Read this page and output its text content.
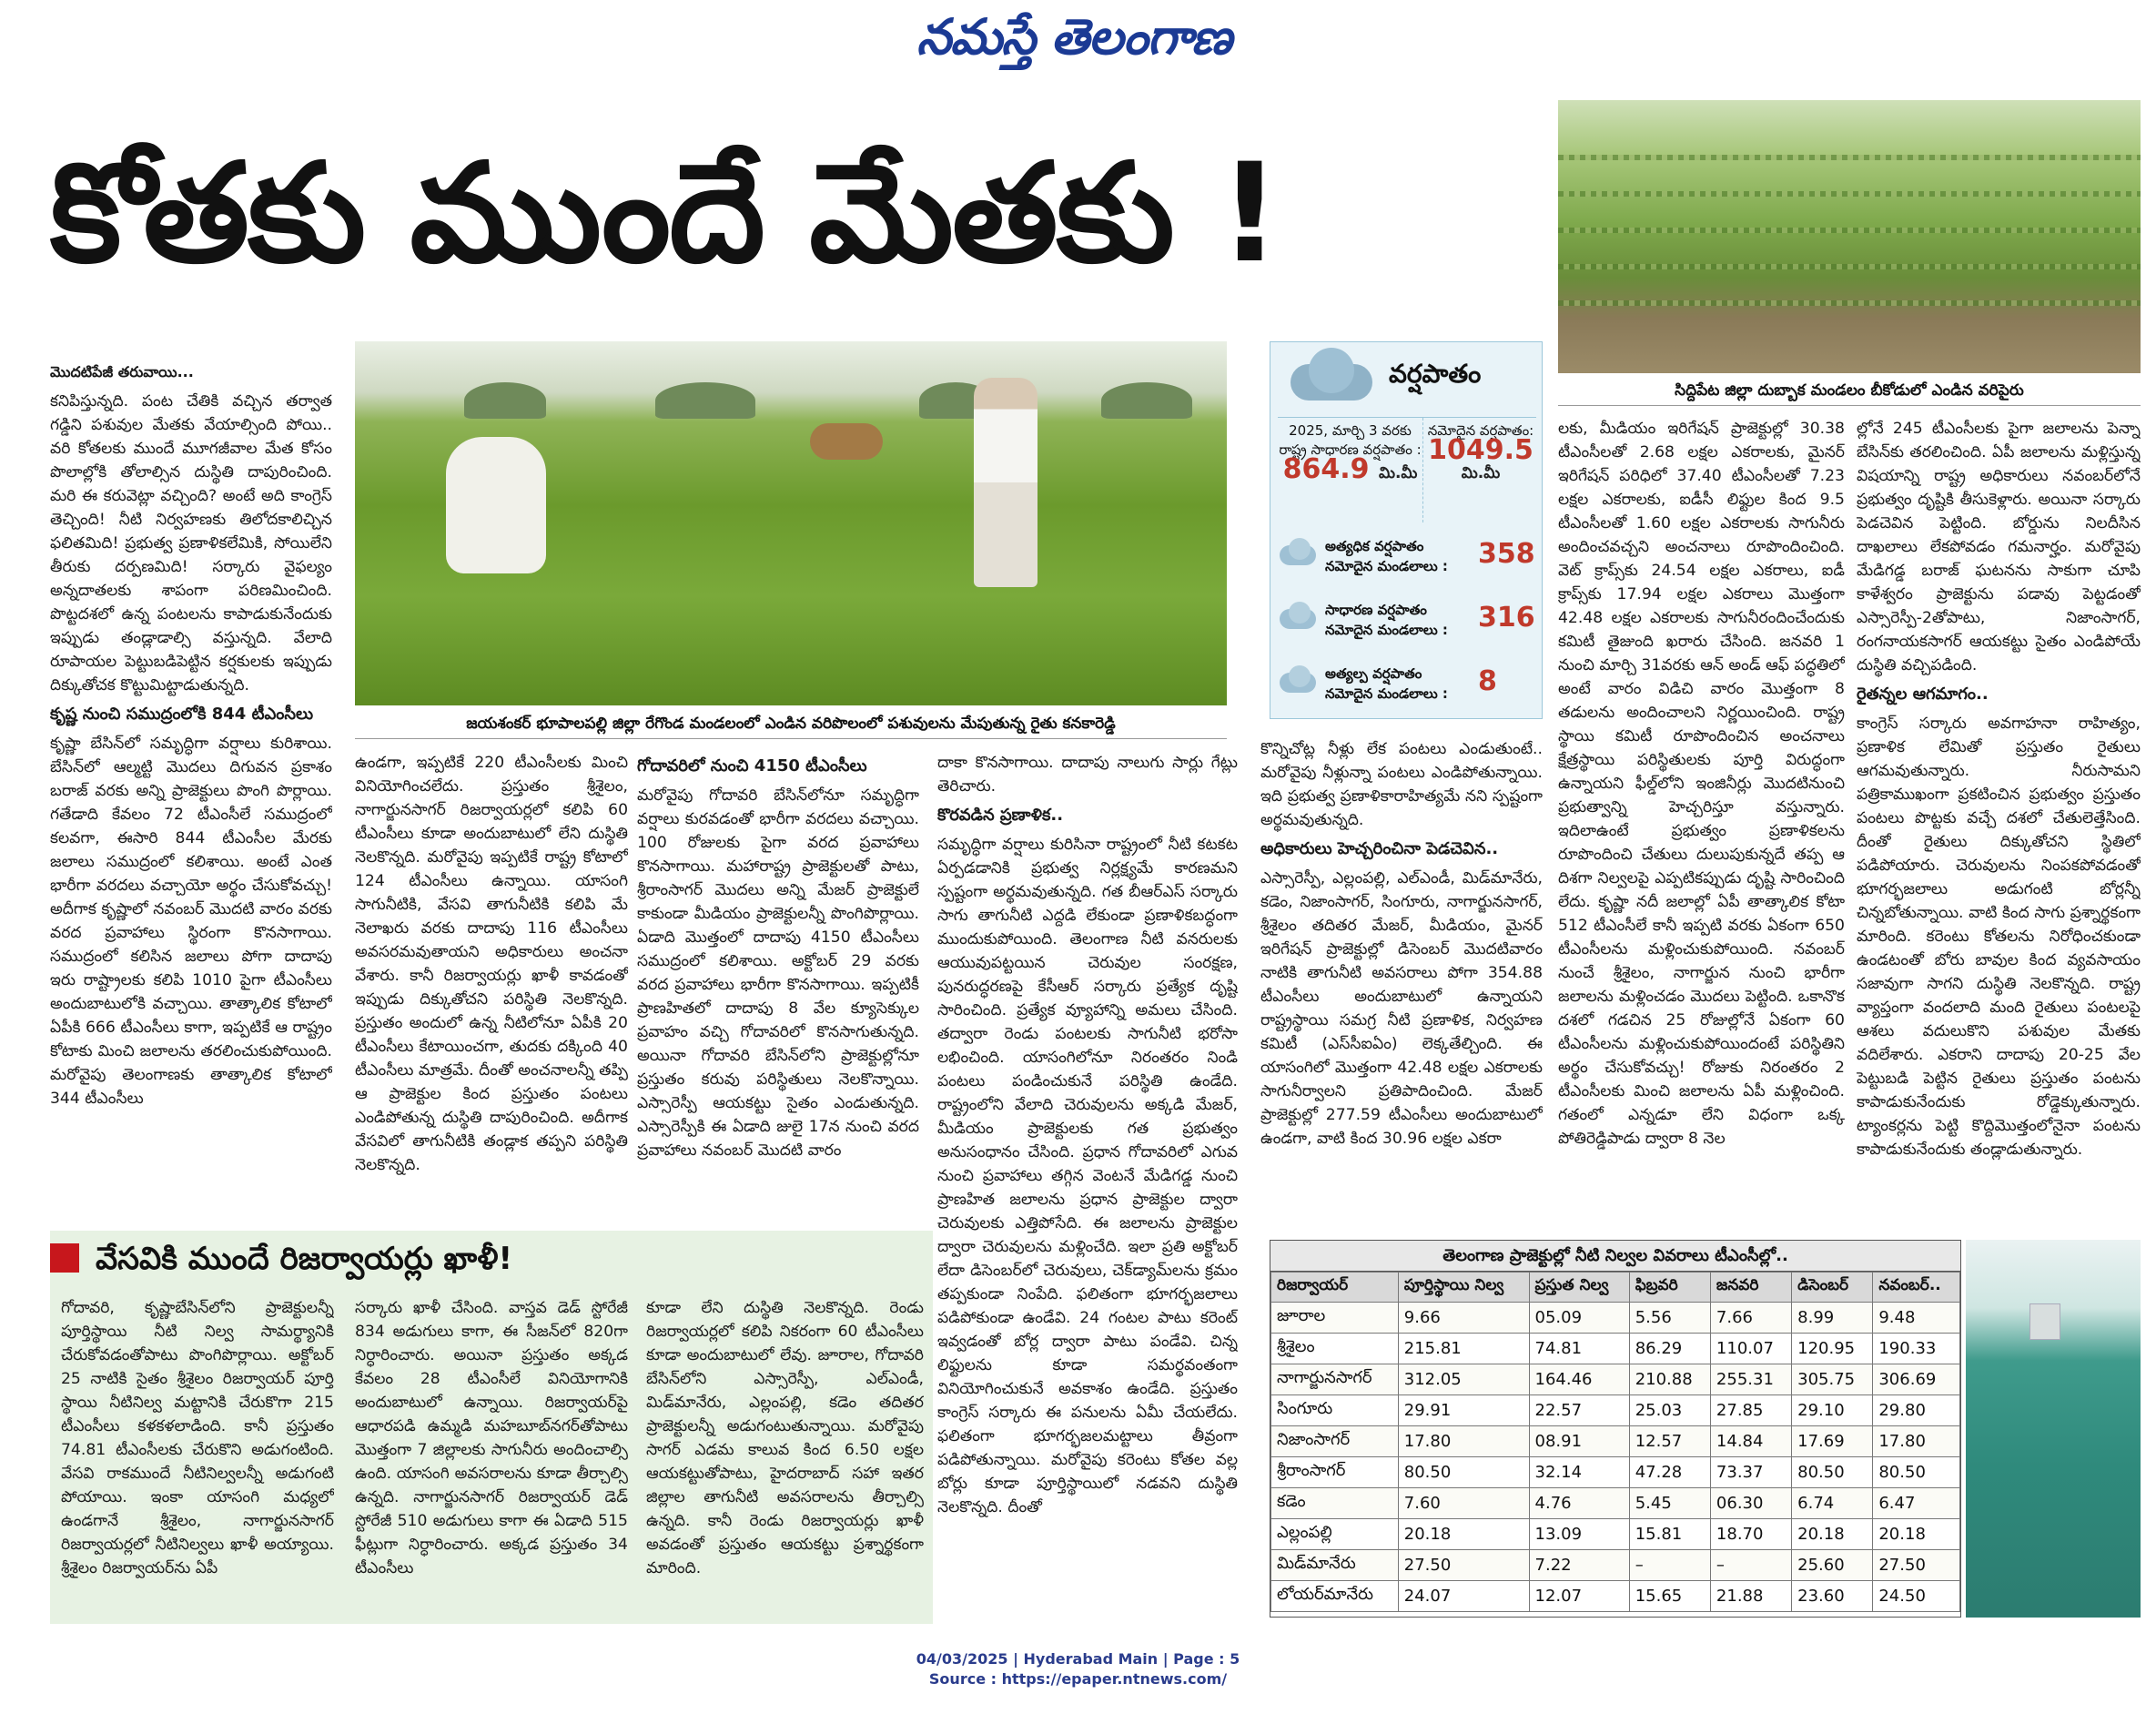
నమస్తే తెలంగాణ
కోతకు ముందే మేతకు !
సిద్దిపేట జిల్లా దుబ్బాక మండలం బీకోడులో ఎండిన వరిపైరు
జయశంకర్ భూపాలపల్లి జిల్లా రేగొండ మండలంలో ఎండిన వరిపొలంలో పశువులను మేపుతున్న రైతు కనకారెడ్డి

మొదటిపేజీ తరువాయి...

కనిపిస్తున్నది. పంట చేతికి వచ్చిన తర్వాత గడ్డిని పశువుల మేతకు వేయాల్సింది పోయి.. వరి కోతలకు ముందే మూగజీవాల మేత కోసం పొలాల్లోకి తోలాల్సిన దుస్థితి దాపురించింది. మరి ఈ కరువెట్లా వచ్చింది? అంటే అది కాంగ్రెస్ తెచ్చింది! నీటి నిర్వహణకు తిలోదకాలిచ్చిన ఫలితమిది! ప్రభుత్వ ప్రణాళికలేమికి, సోయిలేని తీరుకు దర్పణమిది! సర్కారు వైఫల్యం అన్నదాతలకు శాపంగా పరిణమించింది. పొట్టదశలో ఉన్న పంటలను కాపాడుకునేందుకు ఇప్పుడు తండ్లాడాల్సి వస్తున్నది. వేలాది రూపాయల పెట్టుబడిపెట్టిన కర్షకులకు ఇప్పుడు దిక్కుతోచక కొట్టుమిట్టాడుతున్నది.

కృష్ణ నుంచి సముద్రంలోకి 844 టీఎంసీలు

కృష్ణా బేసిన్‌లో సమృద్ధిగా వర్షాలు కురిశాయి. బేసిన్‌లో ఆల్మట్టి మొదలు దిగువన ప్రకాశం బరాజ్ వరకు అన్ని ప్రాజెక్టులు పొంగి పొర్లాయి. గతేడాది కేవలం 72 టీఎంసీలే సముద్రంలో కలవగా, ఈసారి 844 టీఎంసీల మేరకు జలాలు సముద్రంలో కలిశాయి. అంటే ఎంత భారీగా వరదలు వచ్చాయో అర్థం చేసుకోవచ్చు! అదీగాక కృష్ణాలో నవంబర్ మొదటి వారం వరకు వరద ప్రవాహాలు స్థిరంగా కొనసాగాయి. సముద్రంలో కలిసిన జలాలు పోగా దాదాపు ఇరు రాష్ట్రాలకు కలిపి 1010 పైగా టీఎంసీలు అందుబాటులోకి వచ్చాయి. తాత్కాలిక కోటాలో ఏపీకి 666 టీఎంసీలు కాగా, ఇప్పటికే ఆ రాష్ట్రం కోటాకు మించి జలాలను తరలించుకుపోయింది. మరోవైపు తెలంగాణకు తాత్కాలిక కోటాలో 344 టీఎంసీలు

ఉండగా, ఇప్పటికే 220 టీఎంసీలకు మించి వినియోగించలేదు. ప్రస్తుతం శ్రీశైలం, నాగార్జునసాగర్ రిజర్వాయర్లలో కలిపి 60 టీఎంసీలు కూడా అందుబాటులో లేని దుస్థితి నెలకొన్నది. మరోవైపు ఇప్పటికే రాష్ట్ర కోటాలో 124 టీఎంసీలు ఉన్నాయి. యాసంగి సాగునీటికి, వేసవి తాగునీటికి కలిపి మే నెలాఖరు వరకు దాదాపు 116 టీఎంసీలు అవసరమవుతాయని అధికారులు అంచనా వేశారు. కానీ రిజర్వాయర్లు ఖాళీ కావడంతో ఇప్పుడు దిక్కుతోచని పరిస్థితి నెలకొన్నది. ప్రస్తుతం అందులో ఉన్న నీటిలోనూ ఏపీకి 20 టీఎంసీలు కేటాయించగా, తుదకు దక్కింది 40 టీఎంసీలు మాత్రమే. దీంతో అంచనాలన్నీ తప్పి ఆ ప్రాజెక్టుల కింద ప్రస్తుతం పంటలు ఎండిపోతున్న దుస్థితి దాపురించింది. అదీగాక వేసవిలో తాగునీటికి తండ్లాక తప్పని పరిస్థితి నెలకొన్నది.

గోదావరిలో నుంచి 4150 టీఎంసీలు

మరోవైపు గోదావరి బేసిన్‌లోనూ సమృద్ధిగా వర్షాలు కురవడంతో భారీగా వరదలు వచ్చాయి. 100 రోజులకు పైగా వరద ప్రవాహాలు కొనసాగాయి. మహారాష్ట్ర ప్రాజెక్టులతో పాటు, శ్రీరాంసాగర్ మొదలు అన్ని మేజర్ ప్రాజెక్టులే కాకుండా మీడియం ప్రాజెక్టులన్నీ పొంగిపొర్లాయి. ఏడాది మొత్తంలో దాదాపు 4150 టీఎంసీలు సముద్రంలో కలిశాయి. అక్టోబర్ 29 వరకు వరద ప్రవాహాలు భారీగా కొనసాగాయి. ఇప్పటికీ ప్రాణహితలో దాదాపు 8 వేల క్యూసెక్కుల ప్రవాహం వచ్చి గోదావరిలో కొనసాగుతున్నది. అయినా గోదావరి బేసిన్‌లోని ప్రాజెక్టుల్లోనూ ప్రస్తుతం కరువు పరిస్థితులు నెలకొన్నాయి. ఎస్సారెస్పీ ఆయకట్టు సైతం ఎండుతున్నది. ఎస్సారెస్పీకి ఈ ఏడాది జులై 17న నుంచి వరద ప్రవాహాలు నవంబర్ మొదటి వారం

దాకా కొనసాగాయి. దాదాపు నాలుగు సార్లు గేట్లు తెరిచారు.

కొరవడిన ప్రణాళిక..

సమృద్ధిగా వర్షాలు కురిసినా రాష్ట్రంలో నీటి కటకట ఏర్పడడానికి ప్రభుత్వ నిర్లక్ష్యమే కారణమని స్పష్టంగా అర్థమవుతున్నది. గత బీఆర్ఎస్ సర్కారు సాగు తాగునీటి ఎద్దడి లేకుండా ప్రణాళికబద్ధంగా ముందుకుపోయింది. తెలంగాణ నీటి వనరులకు ఆయువుపట్టయిన చెరువుల సంరక్షణ, పునరుద్ధరణపై కేసీఆర్ సర్కారు ప్రత్యేక దృష్టి సారించింది. ప్రత్యేక వ్యూహాన్ని అమలు చేసింది. తద్వారా రెండు పంటలకు సాగునీటి భరోసా లభించింది. యాసంగిలోనూ నిరంతరం నిండి పంటలు పండించుకునే పరిస్థితి ఉండేది. రాష్ట్రంలోని వేలాది చెరువులను అక్కడి మేజర్, మీడియం ప్రాజెక్టులకు గత ప్రభుత్వం అనుసంధానం చేసింది. ప్రధాన గోదావరిలో ఎగువ నుంచి ప్రవాహాలు తగ్గిన వెంటనే మేడిగడ్డ నుంచి ప్రాణహిత జలాలను ప్రధాన ప్రాజెక్టుల ద్వారా చెరువులకు ఎత్తిపోసేది. ఈ జలాలను ప్రాజెక్టుల ద్వారా చెరువులను మళ్లించేది. ఇలా ప్రతి అక్టోబర్ లేదా డిసెంబర్‌లో చెరువులు, చెక్‌డ్యామ్‌లను క్రమం తప్పకుండా నింపేది. ఫలితంగా భూగర్భజలాలు పడిపోకుండా ఉండేవి. 24 గంటల పాటు కరెంట్ ఇవ్వడంతో బోర్ల ద్వారా పాటు పండేవి. చిన్న లిఫ్టులను కూడా సమర్థవంతంగా వినియోగించుకునే అవకాశం ఉండేది. ప్రస్తుతం కాంగ్రెస్ సర్కారు ఈ పనులను ఏమీ చేయలేదు. ఫలితంగా భూగర్భజలమట్టాలు తీవ్రంగా పడిపోతున్నాయి. మరోవైపు కరెంటు కోతల వల్ల బోర్లు కూడా పూర్తిస్థాయిలో నడవని దుస్థితి నెలకొన్నది. దీంతో

వర్షపాతం
2025, మార్చి 3 వరకు రాష్ట్ర సాధారణ వర్షపాతం :
864.9 మి.మీ
నమోదైన వర్షపాతం:
1049.5
మి.మీ
అత్యధిక వర్షపాతం నమోదైన మండలాలు :	358
సాధారణ వర్షపాతం నమోదైన మండలాలు :	316
అత్యల్ప వర్షపాతం నమోదైన మండలాలు :	8

కొన్నిచోట్ల నీళ్లు లేక పంటలు ఎండుతుంటే.. మరోవైపు నీళ్లున్నా పంటలు ఎండిపోతున్నాయి. ఇది ప్రభుత్వ ప్రణాళికారాహిత్యమే నని స్పష్టంగా అర్థమవుతున్నది.

అధికారులు హెచ్చరించినా పెడచెవిన..

ఎస్సారెస్పీ, ఎల్లంపల్లి, ఎల్ఎండీ, మిడ్‌మానేరు, కడెం, నిజాంసాగర్, సింగూరు, నాగార్జునసాగర్, శ్రీశైలం తదితర మేజర్, మీడియం, మైనర్ ఇరిగేషన్ ప్రాజెక్టుల్లో డిసెంబర్ మొదటివారం నాటికి తాగునీటి అవసరాలు పోగా 354.88 టీఎంసీలు అందుబాటులో ఉన్నాయని రాష్ట్రస్థాయి సమగ్ర నీటి ప్రణాళిక, నిర్వహణ కమిటీ (ఎస్‌సీఐఏం) లెక్కతేల్చింది. ఈ యాసంగిలో మొత్తంగా 42.48 లక్షల ఎకరాలకు సాగునీర్వాలని ప్రతిపాదించింది. మేజర్ ప్రాజెక్టుల్లో 277.59 టీఎంసీలు అందుబాటులో ఉండగా, వాటి కింద 30.96 లక్షల ఎకరా

లకు, మీడియం ఇరిగేషన్ ప్రాజెక్టుల్లో 30.38 టీఎంసీలతో 2.68 లక్షల ఎకరాలకు, మైనర్ ఇరిగేషన్ పరిధిలో 37.40 టీఎంసీలతో 7.23 లక్షల ఎకరాలకు, ఐడీసీ లిఫ్టుల కింద 9.5 టీఎంసీలతో 1.60 లక్షల ఎకరాలకు సాగునీరు అందించవచ్చని అంచనాలు రూపొందించింది. వెట్ క్రాప్స్‌కు 24.54 లక్షల ఎకరాలు, ఐడీ క్రాప్స్‌కు 17.94 లక్షల ఎకరాలు మొత్తంగా 42.48 లక్షల ఎకరాలకు సాగునీరందించేందుకు కమిటీ తైజుంది ఖరారు చేసింది. జనవరి 1 నుంచి మార్చి 31వరకు ఆన్ అండ్ ఆఫ్ పద్ధతిలో అంటే వారం విడిచి వారం మొత్తంగా 8 తడులను అందించాలని నిర్ణయించింది. రాష్ట్ర స్థాయి కమిటీ రూపొందించిన అంచనాలు క్షేత్రస్థాయి పరిస్థితులకు పూర్తి విరుద్ధంగా ఉన్నాయని ఫీల్డ్‌లోని ఇంజినీర్లు మొదటినుంచి ప్రభుత్వాన్ని హెచ్చరిస్తూ వస్తున్నారు. ఇదిలాఉంటే ప్రభుత్వం ప్రణాళికలను రూపొందించి చేతులు దులుపుకున్నదే తప్ప ఆ దిశగా నిల్వలపై ఎప్పటికప్పుడు దృష్టి సారించింది లేదు. కృష్ణా నదీ జలాల్లో ఏపీ తాత్కాలిక కోటా 512 టీఎంసీలే కానీ ఇప్పటి వరకు ఏకంగా 650 టీఎంసీలను మళ్లించుకుపోయింది. నవంబర్ నుంచే శ్రీశైలం, నాగార్జున నుంచి భారీగా జలాలను మళ్లించడం మొదలు పెట్టింది. ఒకానొక దశలో గడచిన 25 రోజుల్లోనే ఏకంగా 60 టీఎంసీలను మళ్లించుకుపోయిందంటే పరిస్థితిని అర్థం చేసుకోవచ్చు! రోజుకు నిరంతరం 2 టీఎంసీలకు మించి జలాలను ఏపీ మళ్లించింది. గతంలో ఎన్నడూ లేని విధంగా ఒక్క పోతిరెడ్డిపాడు ద్వారా 8 నెల

ల్లోనే 245 టీఎంసీలకు పైగా జలాలను పెన్నా బేసిన్‌కు తరలించింది. ఏపీ జలాలను మళ్లిస్తున్న విషయాన్ని రాష్ట్ర అధికారులు నవంబర్‌లోనే ప్రభుత్వం దృష్టికి తీసుకెళ్లారు. అయినా సర్కారు పెడచెవిన పెట్టింది. బోర్డును నిలదీసిన దాఖలాలు లేకపోవడం గమనార్హం. మరోవైపు మేడిగడ్డ బరాజ్ ఘటనను సాకుగా చూపి కాళేశ్వరం ప్రాజెక్టును పడావు పెట్టడంతో ఎస్సారెస్పీ-2తోపాటు, నిజాంసాగర్, రంగనాయకసాగర్ ఆయకట్టు సైతం ఎండిపోయే దుస్థితి వచ్చిపడింది.

రైతన్నల ఆగమాగం..

కాంగ్రెస్ సర్కారు అవగాహనా రాహిత్యం, ప్రణాళిక లేమితో ప్రస్తుతం రైతులు ఆగమవుతున్నారు. నీరుసామని పత్రికాముఖంగా ప్రకటించిన ప్రభుత్వం ప్రస్తుతం పంటలు పొట్టకు వచ్చే దశలో చేతులెత్తేసింది. దీంతో రైతులు దిక్కుతోచని స్థితిలో పడిపోయారు. చెరువులను నింపకపోవడంతో భూగర్భజలాలు అడుగంటి బోర్లన్నీ చిన్నబోతున్నాయి. వాటి కింద సాగు ప్రశ్నార్థకంగా మారింది. కరెంటు కోతలను నిరోధించకుండా ఉండటంతో బోరు బావుల కింద వ్యవసాయం సజావుగా సాగని దుస్థితి నెలకొన్నది. రాష్ట్ర వ్యాప్తంగా వందలాది మంది రైతులు పంటలపై ఆశలు వదులుకొని పశువుల మేతకు వదిలేశారు. ఎకరాని దాదాపు 20-25 వేల పెట్టుబడి పెట్టిన రైతులు ప్రస్తుతం పంటను కాపాడుకునేందుకు రోడ్డెక్కుతున్నారు. ట్యాంకర్లను పెట్టి కొద్దిమొత్తంలోనైనా పంటను కాపాడుకునేందుకు తండ్లాడుతున్నారు.

వేసవికి ముందే రిజర్వాయర్లు ఖాళీ!
గోదావరి, కృష్ణాబేసిన్‌లోని ప్రాజెక్టులన్నీ పూర్తిస్థాయి నీటి నిల్వ సామర్థ్యానికి చేరుకోవడంతోపాటు పొంగిపొర్లాయి. అక్టోబర్ 25 నాటికి సైతం శ్రీశైలం రిజర్వాయర్ పూర్తి స్థాయి నీటినిల్వ మట్టానికి చేరుకొగా 215 టీఎంసీలు కళకళలాడింది. కానీ ప్రస్తుతం 74.81 టీఎంసీలకు చేరుకొని అడుగంటింది. వేసవి రాకముందే నీటినిల్వలన్నీ అడుగంటి పోయాయి. ఇంకా యాసంగి మధ్యలో ఉండగానే శ్రీశైలం, నాగార్జునసాగర్ రిజర్వాయర్లలో నీటినిల్వలు ఖాళీ అయ్యాయి. శ్రీశైలం రిజర్వాయర్‌ను ఏపీ
సర్కారు ఖాళీ చేసింది. వాస్తవ డెడ్ స్టోరేజీ 834 అడుగులు కాగా, ఈ సీజన్‌లో 820గా నిర్ధారించారు. అయినా ప్రస్తుతం అక్కడ కేవలం 28 టీఎంసీలే వినియోగానికి అందుబాటులో ఉన్నాయి. రిజర్వాయర్‌పై ఆధారపడి ఉమ్మడి మహబూబ్‌నగర్‌తోపాటు మొత్తంగా 7 జిల్లాలకు సాగునీరు అందించాల్సి ఉంది. యాసంగి అవసరాలను కూడా తీర్చాల్సి ఉన్నది. నాగార్జునసాగర్ రిజర్వాయర్ డెడ్ స్టోరేజీ 510 అడుగులు కాగా ఈ ఏడాది 515 ఫీట్లుగా నిర్ధారించారు. అక్కడ ప్రస్తుతం 34 టీఎంసీలు
కూడా లేని దుస్థితి నెలకొన్నది. రెండు రిజర్వాయర్లలో కలిపి నికరంగా 60 టీఎంసీలు కూడా అందుబాటులో లేవు. జూరాల, గోదావరి బేసిన్‌లోని ఎస్సారెస్పీ, ఎల్ఎండీ, మిడ్‌మానేరు, ఎల్లంపల్లి, కడెం తదితర ప్రాజెక్టులన్నీ అడుగంటుతున్నాయి. మరోవైపు సాగర్ ఎడమ కాలువ కింద 6.50 లక్షల ఆయకట్టుతోపాటు, హైదరాబాద్ సహా ఇతర జిల్లాల తాగునీటి అవసరాలను తీర్చాల్సి ఉన్నది. కానీ రెండు రిజర్వాయర్లు ఖాళీ అవడంతో ప్రస్తుతం ఆయకట్టు ప్రశ్నార్థకంగా మారింది.
తెలంగాణ ప్రాజెక్టుల్లో నీటి నిల్వల వివరాలు టీఎంసీల్లో..
రిజర్వాయర్	పూర్తిస్థాయి నిల్వ	ప్రస్తుత నిల్వ	ఫిబ్రవరి	జనవరి	డిసెంబర్	నవంబర్..
జూరాల	9.66	05.09	5.56	7.66	8.99	9.48
శ్రీశైలం	215.81	74.81	86.29	110.07	120.95	190.33
నాగార్జునసాగర్	312.05	164.46	210.88	255.31	305.75	306.69
సింగూరు	29.91	22.57	25.03	27.85	29.10	29.80
నిజాంసాగర్	17.80	08.91	12.57	14.84	17.69	17.80
శ్రీరాంసాగర్	80.50	32.14	47.28	73.37	80.50	80.50
కడెం	7.60	4.76	5.45	06.30	6.74	6.47
ఎల్లంపల్లి	20.18	13.09	15.81	18.70	20.18	20.18
మిడ్‌మానేరు	27.50	7.22	–	–	25.60	27.50
లోయర్‌మానేరు	24.07	12.07	15.65	21.88	23.60	24.50
04/03/2025 | Hyderabad Main | Page : 5
Source : https://epaper.ntnews.com/
